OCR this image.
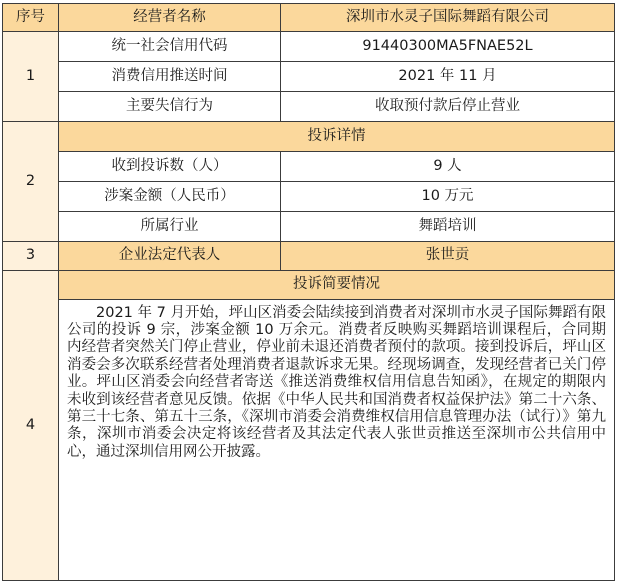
序号	经营者名称	深圳市水灵子国际舞蹈有限公司
1	统一社会信用代码	91440300MA5FNAE52L
	消费信用推送时间	2021 年 11 月
	主要失信行为	收取预付款后停止营业
2	投诉详情	
	收到投诉数（人）	9 人
	涉案金额（人民币）	10 万元
	所属行业	舞蹈培训
3	企业法定代表人	张世贡
4	投诉简要情况	
	2021 年 7 月开始，坪山区消委会陆续接到消费者对深圳市水灵子国际舞蹈有限公司的投诉 9 宗，涉案金额 10 万余元。消费者反映购买舞蹈培训课程后，合同期内经营者突然关门停止营业，停业前未退还消费者预付的款项。接到投诉后，坪山区消委会多次联系经营者处理消费者退款诉求无果。经现场调查，发现经营者已关门停业。坪山区消委会向经营者寄送《推送消费维权信用信息告知函》，在规定的期限内未收到该经营者意见反馈。依据《中华人民共和国消费者权益保护法》第二十六条、第三十七条、第五十三条，《深圳市消委会消费维权信用信息管理办法（试行）》第九条，深圳市消委会决定将该经营者及其法定代表人张世贡推送至深圳市公共信用中心，通过深圳信用网公开披露。	
